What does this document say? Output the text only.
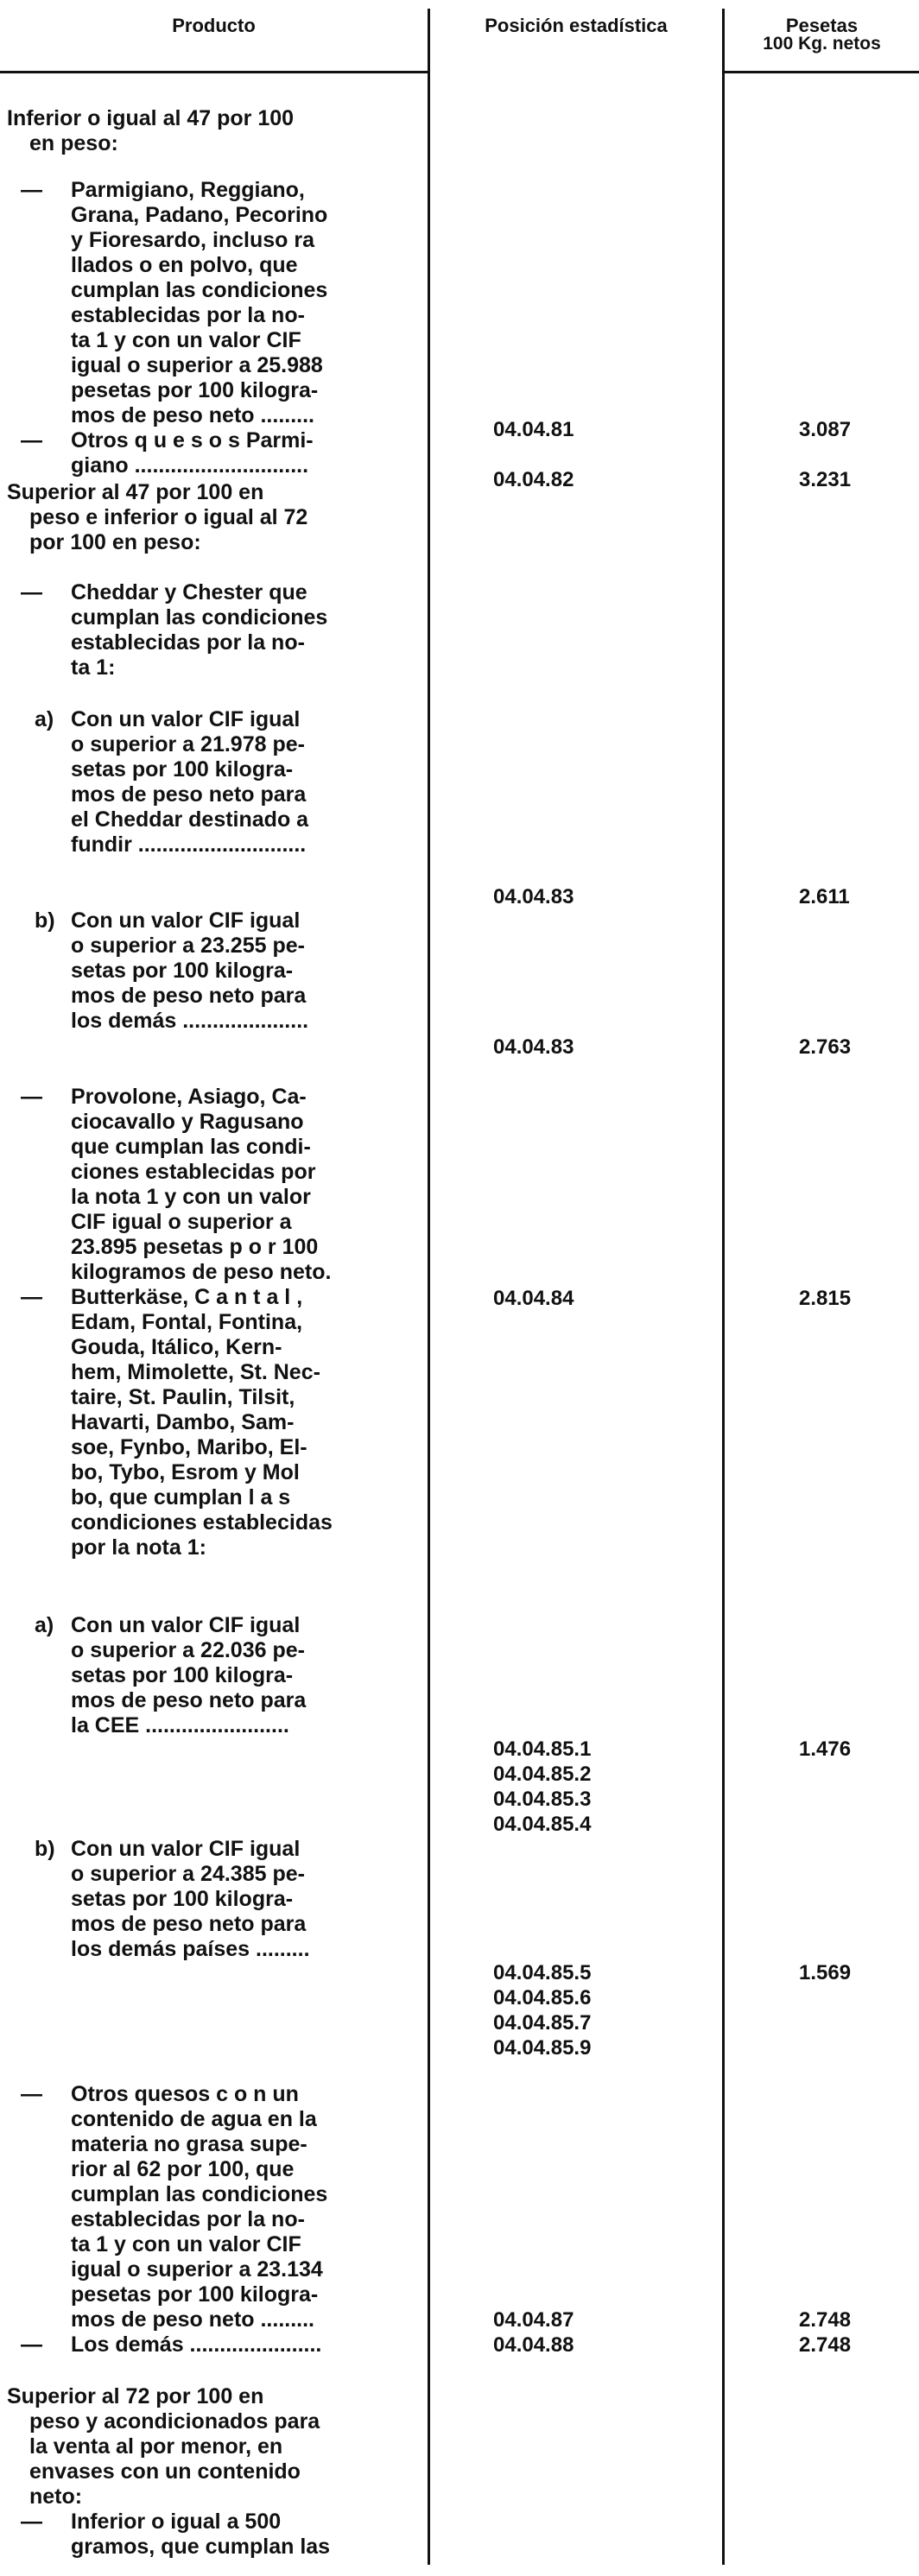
Producto	Posición estadística	Pesetas
100 Kg. netos
Inferior o igual al 47 por 100
en peso:
— Parmigiano, Reggiano,
Grana, Padano, Pecorino
y Fioresardo, incluso ra
llados o en polvo, que
cumplan las condiciones
establecidas por la no-
ta 1 y con un valor CIF
igual o superior a 25.988
pesetas por 100 kilogra-
mos de peso neto .........
— Otros q u e s o s Parmi-
giano .............................
Superior al 47 por 100 en
peso e inferior o igual al 72
por 100 en peso:
— Cheddar y Chester que
cumplan las condiciones
establecidas por la no-
ta 1:
a) Con un valor CIF igual
o superior a 21.978 pe-
setas por 100 kilogra-
mos de peso neto para
el Cheddar destinado a
fundir ............................
b) Con un valor CIF igual
o superior a 23.255 pe-
setas por 100 kilogra-
mos de peso neto para
los demás .....................
— Provolone, Asiago, Ca-
ciocavallo y Ragusano
que cumplan las condi-
ciones establecidas por
la nota 1 y con un valor
CIF igual o superior a
23.895 pesetas p o r 100
kilogramos de peso neto.
— Butterkäse, C a n t a l ,
Edam, Fontal, Fontina,
Gouda, Itálico, Kern-
hem, Mimolette, St. Nec-
taire, St. Paulin, Tilsit,
Havarti, Dambo, Sam-
soe, Fynbo, Maribo, El-
bo, Tybo, Esrom y Mol
bo, que cumplan l a s
condiciones establecidas
por la nota 1:
a) Con un valor CIF igual
o superior a 22.036 pe-
setas por 100 kilogra-
mos de peso neto para
la CEE ........................
b) Con un valor CIF igual
o superior a 24.385 pe-
setas por 100 kilogra-
mos de peso neto para
los demás países .........
— Otros quesos c o n un
contenido de agua en la
materia no grasa supe-
rior al 62 por 100, que
cumplan las condiciones
establecidas por la no-
ta 1 y con un valor CIF
igual o superior a 23.134
pesetas por 100 kilogra-
mos de peso neto .........
— Los demás ......................
Superior al 72 por 100 en
peso y acondicionados para
la venta al por menor, en
envases con un contenido
neto:
— Inferior o igual a 500
gramos, que cumplan las
04.04.81
04.04.82
04.04.83
04.04.83
04.04.84
04.04.85.1
04.04.85.2
04.04.85.3
04.04.85.4
04.04.85.5
04.04.85.6
04.04.85.7
04.04.85.9
04.04.87
04.04.88
3.087
3.231
2.611
2.763
2.815
1.476
1.569
2.748
2.748
